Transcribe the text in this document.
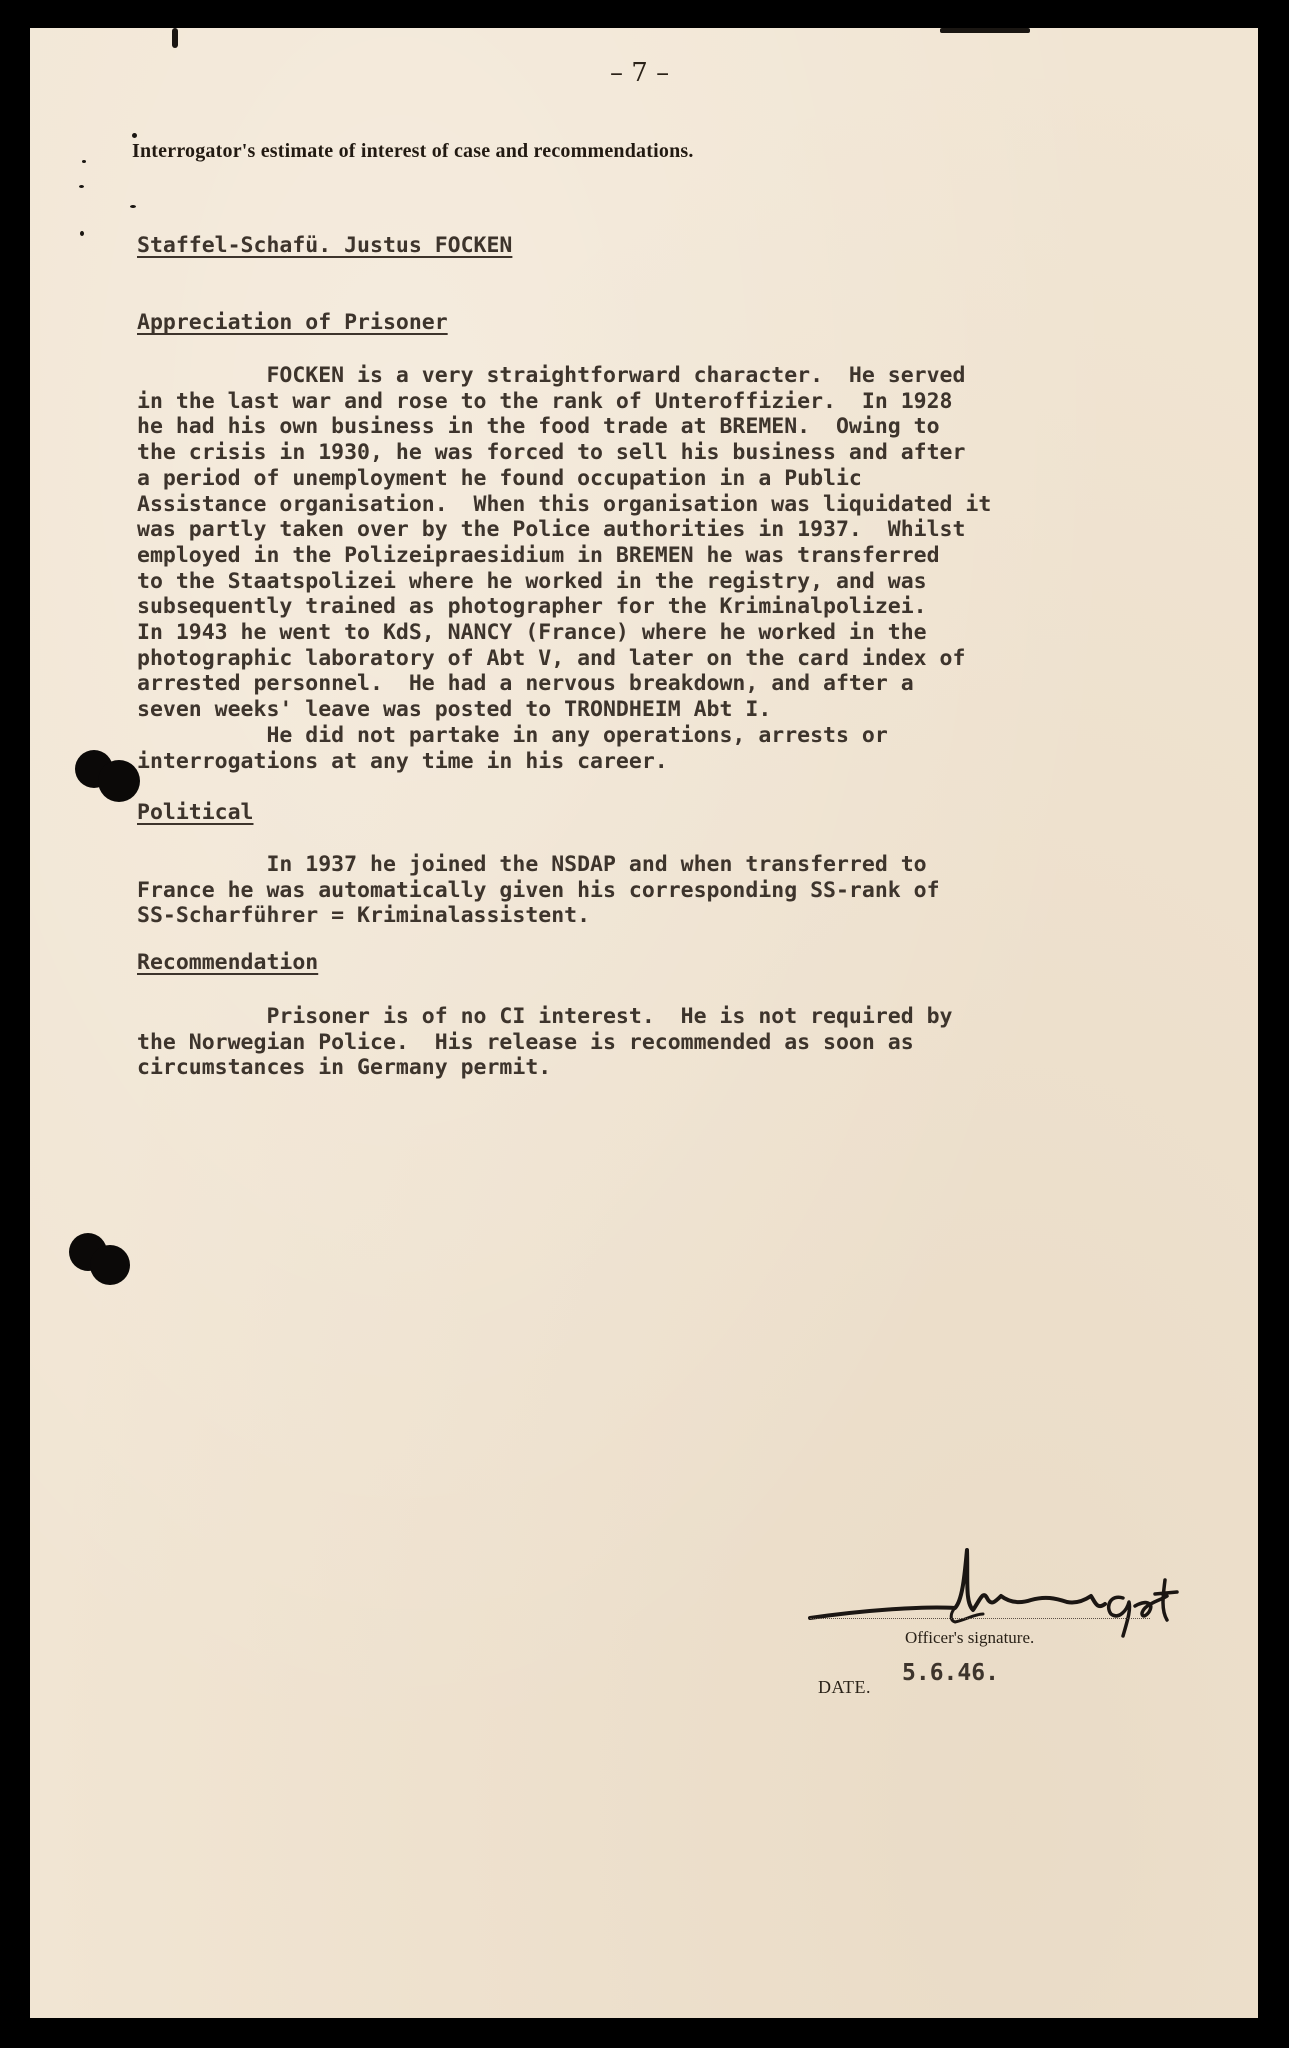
– 7 –
Interrogator's estimate of interest of case and recommendations.
Staffel-Schafü. Justus FOCKEN
Appreciation of Prisoner
FOCKEN is a very straightforward character.  He served
in the last war and rose to the rank of Unteroffizier.  In 1928
he had his own business in the food trade at BREMEN.  Owing to
the crisis in 1930, he was forced to sell his business and after
a period of unemployment he found occupation in a Public
Assistance organisation.  When this organisation was liquidated it
was partly taken over by the Police authorities in 1937.  Whilst
employed in the Polizeipraesidium in BREMEN he was transferred
to the Staatspolizei where he worked in the registry, and was
subsequently trained as photographer for the Kriminalpolizei.
In 1943 he went to KdS, NANCY (France) where he worked in the
photographic laboratory of Abt V, and later on the card index of
arrested personnel.  He had a nervous breakdown, and after a
seven weeks' leave was posted to TRONDHEIM Abt I.
He did not partake in any operations, arrests or
interrogations at any time in his career.
Political
In 1937 he joined the NSDAP and when transferred to
France he was automatically given his corresponding SS-rank of
SS-Scharführer = Kriminalassistent.
Recommendation
Prisoner is of no CI interest.  He is not required by
the Norwegian Police.  His release is recommended as soon as
circumstances in Germany permit.
Officer's signature.
DATE.
5.6.46.
